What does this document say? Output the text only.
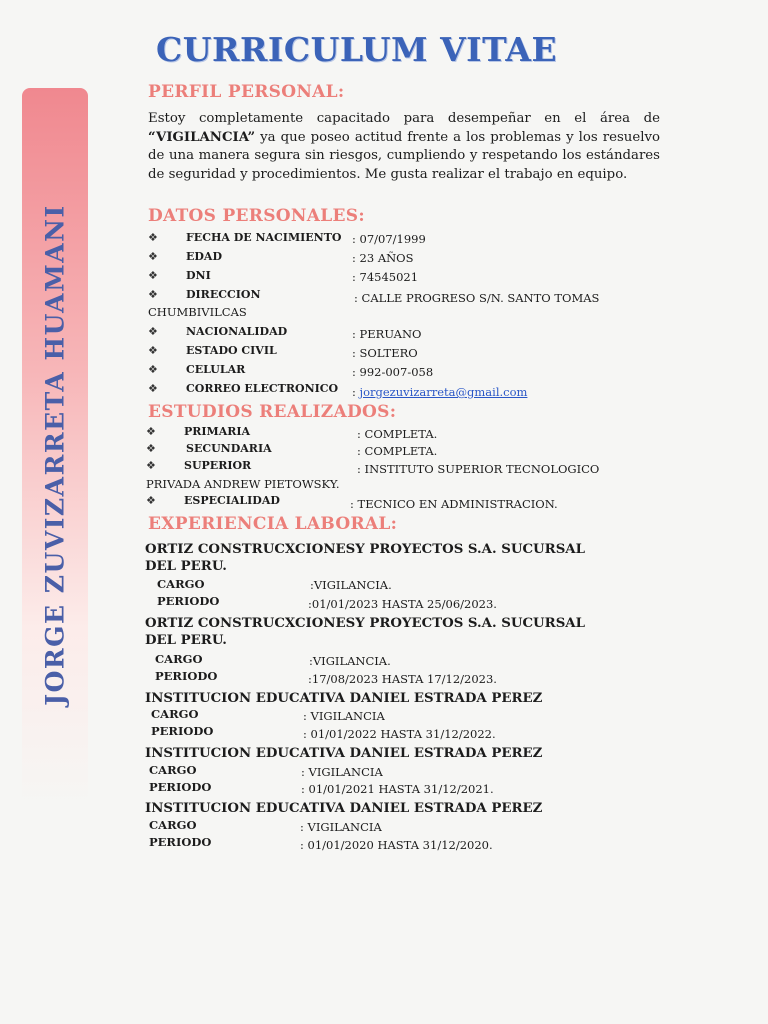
JORGE ZUVIZARRETA HUAMANI
CURRICULUM VITAE
PERFIL PERSONAL:
Estoy completamente capacitado para desempeñar en el área de “VIGILANCIA” ya que poseo actitud frente a los problemas y los resuelvo de una manera segura sin riesgos, cumpliendo y respetando los estándares de seguridad y procedimientos. Me gusta realizar el trabajo en equipo.
DATOS PERSONALES:
❖	FECHA DE NACIMIENTO : 07/07/1999
❖	EDAD	: 23 AÑOS
❖	DNI	: 74545021
❖	DIRECCION	: CALLE PROGRESO S/N. SANTO TOMAS
CHUMBIVILCAS
❖	NACIONALIDAD	: PERUANO
❖	ESTADO CIVIL	: SOLTERO
❖	CELULAR	: 992-007-058
❖	CORREO ELECTRONICO : jorgezuvizarreta@gmail.com
ESTUDIOS REALIZADOS:
❖	PRIMARIA	: COMPLETA.
❖	SECUNDARIA	: COMPLETA.
❖	SUPERIOR	: INSTITUTO SUPERIOR TECNOLOGICO
PRIVADA ANDREW PIETOWSKY.
❖	ESPECIALIDAD	: TECNICO EN ADMINISTRACION.
EXPERIENCIA LABORAL:
ORTIZ CONSTRUCXCIONESY PROYECTOS S.A. SUCURSAL DEL PERU.
CARGO	:VIGILANCIA.
PERIODO	:01/01/2023 HASTA 25/06/2023.
ORTIZ CONSTRUCXCIONESY PROYECTOS S.A. SUCURSAL DEL PERU.
CARGO	:VIGILANCIA.
PERIODO	:17/08/2023 HASTA 17/12/2023.
INSTITUCION EDUCATIVA DANIEL ESTRADA PEREZ
CARGO	: VIGILANCIA
PERIODO	: 01/01/2022 HASTA 31/12/2022.
INSTITUCION EDUCATIVA DANIEL ESTRADA PEREZ
CARGO	: VIGILANCIA
PERIODO	: 01/01/2021 HASTA 31/12/2021.
INSTITUCION EDUCATIVA DANIEL ESTRADA PEREZ
CARGO	: VIGILANCIA
PERIODO	: 01/01/2020 HASTA 31/12/2020.
